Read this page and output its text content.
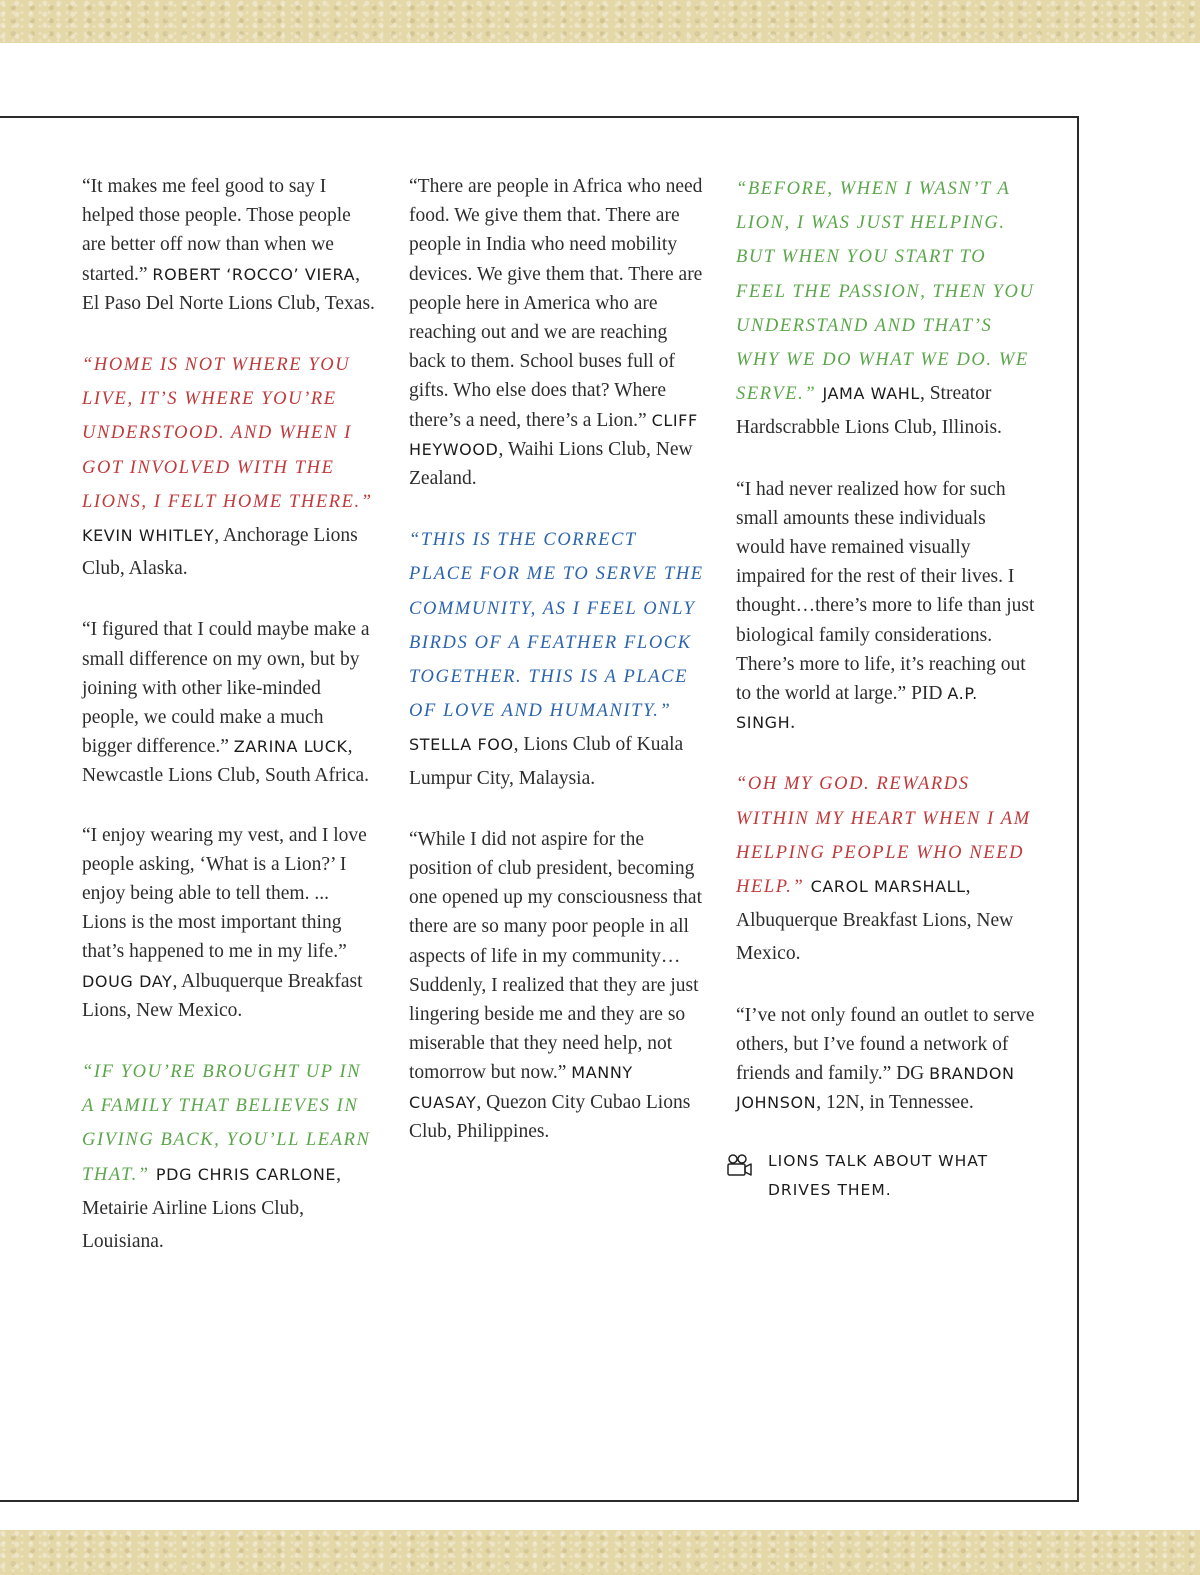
“It makes me feel good to say I helped those people. Those people are better off now than when we started.” ROBERT ‘ROCCO’ VIERA, El Paso Del Norte Lions Club, Texas.

“HOME IS NOT WHERE YOU LIVE, IT’S WHERE YOU’RE UNDERSTOOD. AND WHEN I GOT INVOLVED WITH THE LIONS, I FELT HOME THERE.” KEVIN WHITLEY, Anchorage Lions Club, Alaska.

“I figured that I could maybe make a small difference on my own, but by joining with other like-minded people, we could make a much bigger difference.” ZARINA LUCK, Newcastle Lions Club, South Africa.

“I enjoy wearing my vest, and I love people asking, ‘What is a Lion?’ I enjoy being able to tell them. ... Lions is the most important thing that’s happened to me in my life.” DOUG DAY, Albuquerque Breakfast Lions, New Mexico.

“IF YOU’RE BROUGHT UP IN A FAMILY THAT BELIEVES IN GIVING BACK, YOU’LL LEARN THAT.” PDG CHRIS CARLONE, Metairie Airline Lions Club, Louisiana.

“There are people in Africa who need food. We give them that. There are people in India who need mobility devices. We give them that. There are people here in America who are reaching out and we are reaching back to them. School buses full of gifts. Who else does that? Where there’s a need, there’s a Lion.” CLIFF HEYWOOD, Waihi Lions Club, New Zealand.

“THIS IS THE CORRECT PLACE FOR ME TO SERVE THE COMMUNITY, AS I FEEL ONLY BIRDS OF A FEATHER FLOCK TOGETHER. THIS IS A PLACE OF LOVE AND HUMANITY.” STELLA FOO, Lions Club of Kuala Lumpur City, Malaysia.

“While I did not aspire for the position of club president, becoming one opened up my consciousness that there are so many poor people in all aspects of life in my community…Suddenly, I realized that they are just lingering beside me and they are so miserable that they need help, not tomorrow but now.” MANNY CUASAY, Quezon City Cubao Lions Club, Philippines.

“BEFORE, WHEN I WASN’T A LION, I WAS JUST HELPING. BUT WHEN YOU START TO FEEL THE PASSION, THEN YOU UNDERSTAND AND THAT’S WHY WE DO WHAT WE DO. WE SERVE.” JAMA WAHL, Streator Hardscrabble Lions Club, Illinois.

“I had never realized how for such small amounts these individuals would have remained visually impaired for the rest of their lives. I thought…there’s more to life than just biological family considerations. There’s more to life, it’s reaching out to the world at large.” PID A.P. SINGH.

“OH MY GOD. REWARDS WITHIN MY HEART WHEN I AM HELPING PEOPLE WHO NEED HELP.” CAROL MARSHALL, Albuquerque Breakfast Lions, New Mexico.

“I’ve not only found an outlet to serve others, but I’ve found a network of friends and family.” DG BRANDON JOHNSON, 12N, in Tennessee.

LIONS TALK ABOUT WHAT DRIVES THEM.
